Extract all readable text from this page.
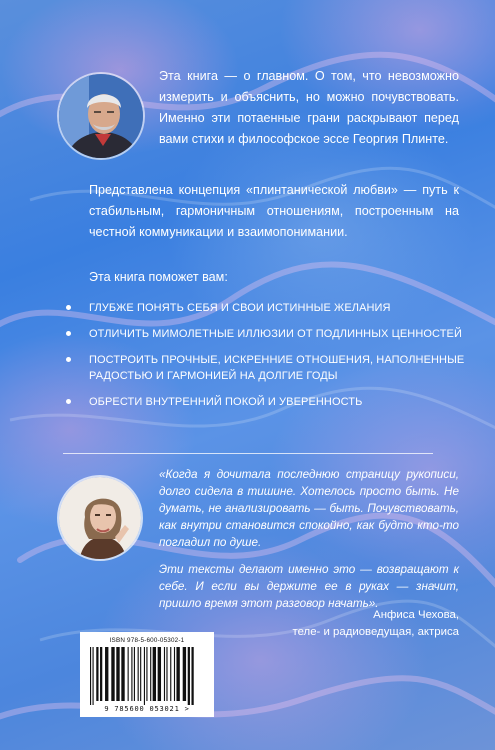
Эта книга — о главном. О том, что невозможно измерить и объяснить, но можно почувствовать. Именно эти потаенные грани раскрывают перед вами стихи и философское эссе Георгия Плинте.
Представлена концепция «плинтанической любви» — путь к стабильным, гармоничным отношениям, построенным на честной коммуникации и взаимопонимании.
Эта книга поможет вам:
ГЛУБЖЕ ПОНЯТЬ СЕБЯ И СВОИ ИСТИННЫЕ ЖЕЛАНИЯ
ОТЛИЧИТЬ МИМОЛЕТНЫЕ ИЛЛЮЗИИ ОТ ПОДЛИННЫХ ЦЕННОСТЕЙ
ПОСТРОИТЬ ПРОЧНЫЕ, ИСКРЕННИЕ ОТНОШЕНИЯ, НАПОЛНЕННЫЕ РАДОСТЬЮ И ГАРМОНИЕЙ НА ДОЛГИЕ ГОДЫ
ОБРЕСТИ ВНУТРЕННИЙ ПОКОЙ И УВЕРЕННОСТЬ

«Когда я дочитала последнюю страницу рукописи, долго сидела в тишине. Хотелось просто быть. Не думать, не анализировать — быть. Почувствовать, как внутри становится спокойно, как будто кто-то погладил по душе.

Эти тексты делают именно это — возвращают к себе. И если вы держите ее в руках — значит, пришло время этот разговор начать».

Анфиса Чехова,
теле- и радиоведущая, актриса
ISBN 978-5-600-05302-1
9 785600 053021 >
